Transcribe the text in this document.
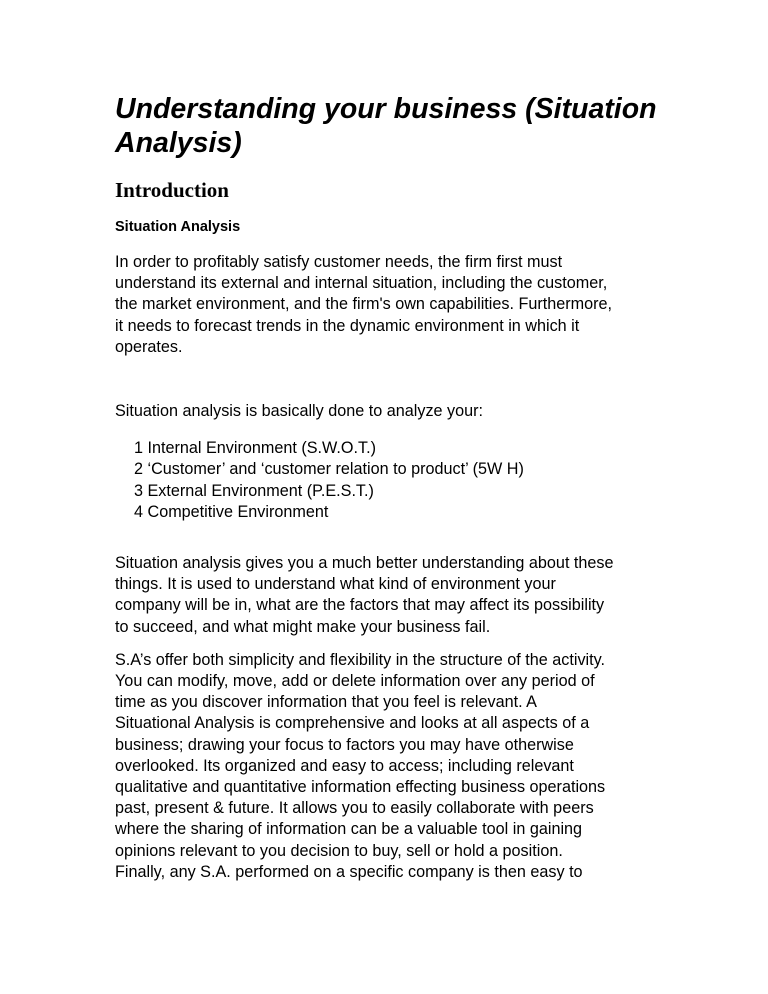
Understanding your business (Situation
Analysis)
Introduction
Situation Analysis

In order to profitably satisfy customer needs, the firm first must
understand its external and internal situation, including the customer,
the market environment, and the firm's own capabilities. Furthermore,
it needs to forecast trends in the dynamic environment in which it
operates.

Situation analysis is basically done to analyze your:

1 Internal Environment (S.W.O.T.)
2 ‘Customer’ and ‘customer relation to product’ (5W H)
3 External Environment (P.E.S.T.)
4 Competitive Environment

Situation analysis gives you a much better understanding about these
things. It is used to understand what kind of environment your
company will be in, what are the factors that may affect its possibility
to succeed, and what might make your business fail.

S.A’s offer both simplicity and flexibility in the structure of the activity.
You can modify, move, add or delete information over any period of
time as you discover information that you feel is relevant. A
Situational Analysis is comprehensive and looks at all aspects of a
business; drawing your focus to factors you may have otherwise
overlooked. Its organized and easy to access; including relevant
qualitative and quantitative information effecting business operations
past, present & future. It allows you to easily collaborate with peers
where the sharing of information can be a valuable tool in gaining
opinions relevant to you decision to buy, sell or hold a position.
Finally, any S.A. performed on a specific company is then easy to
